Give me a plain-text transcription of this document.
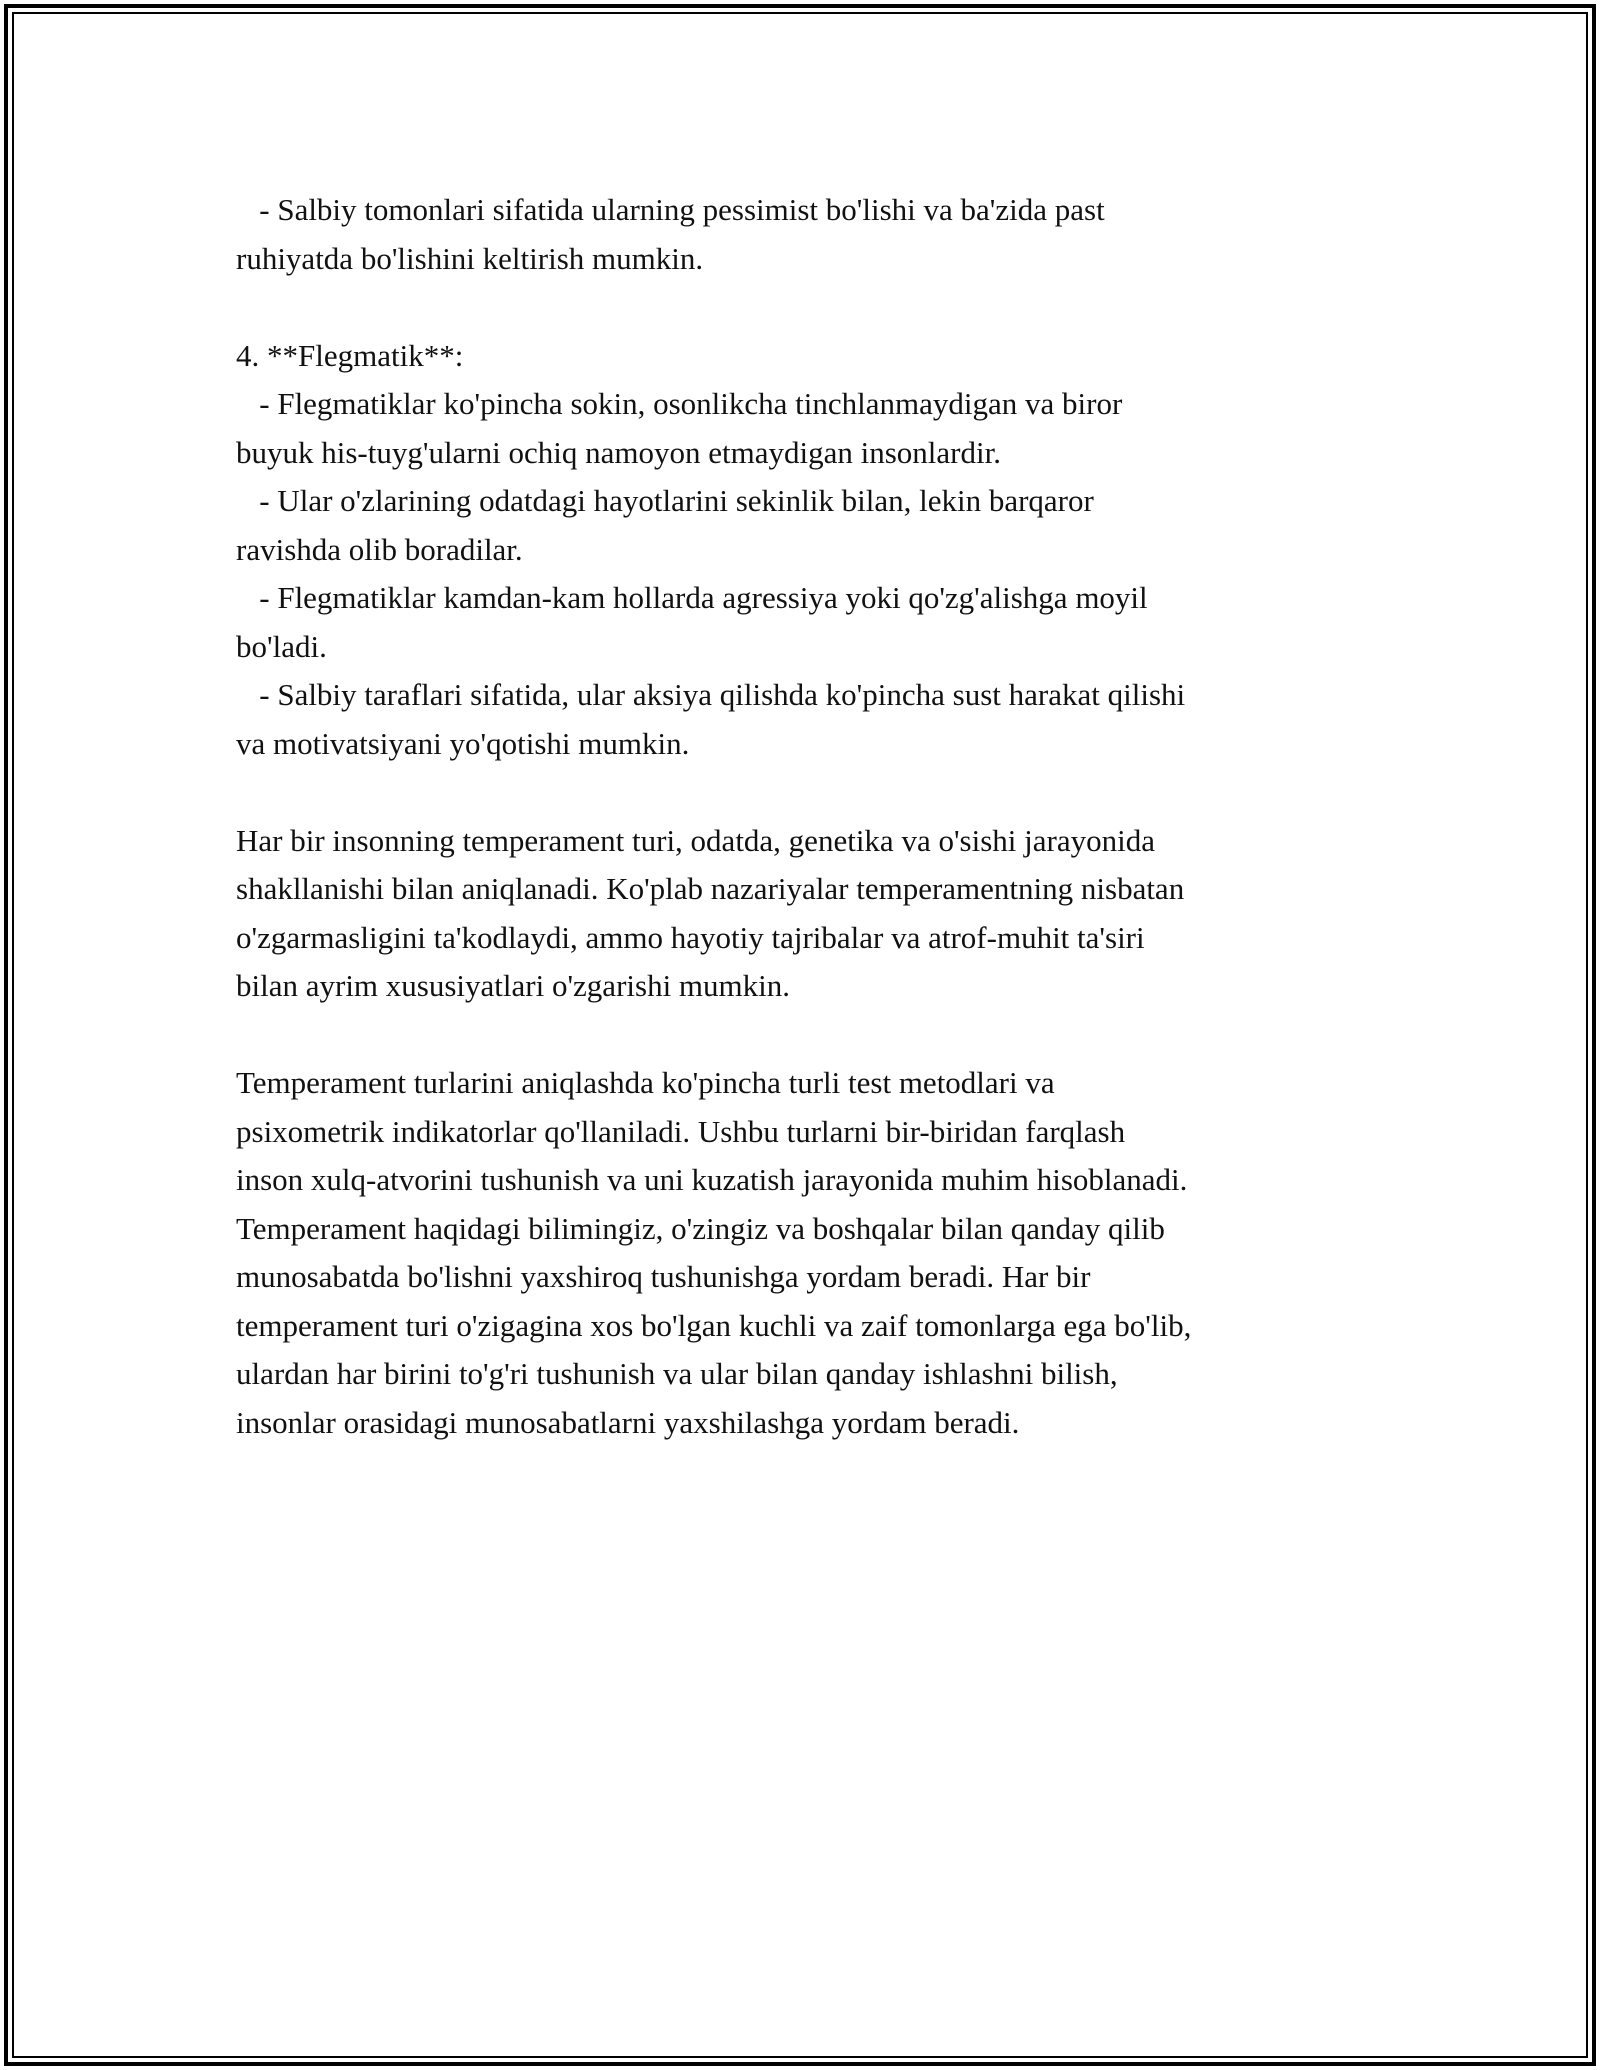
- Salbiy tomonlari sifatida ularning pessimist bo'lishi va ba'zida past
ruhiyatda bo'lishini keltirish mumkin.
4. **Flegmatik**:
- Flegmatiklar ko'pincha sokin, osonlikcha tinchlanmaydigan va biror
buyuk his-tuyg'ularni ochiq namoyon etmaydigan insonlardir.
- Ular o'zlarining odatdagi hayotlarini sekinlik bilan, lekin barqaror
ravishda olib boradilar.
- Flegmatiklar kamdan-kam hollarda agressiya yoki qo'zg'alishga moyil
bo'ladi.
- Salbiy taraflari sifatida, ular aksiya qilishda ko'pincha sust harakat qilishi
va motivatsiyani yo'qotishi mumkin.
Har bir insonning temperament turi, odatda, genetika va o'sishi jarayonida
shakllanishi bilan aniqlanadi. Ko'plab nazariyalar temperamentning nisbatan
o'zgarmasligini ta'kodlaydi, ammo hayotiy tajribalar va atrof-muhit ta'siri
bilan ayrim xususiyatlari o'zgarishi mumkin.
Temperament turlarini aniqlashda ko'pincha turli test metodlari va
psixometrik indikatorlar qo'llaniladi. Ushbu turlarni bir-biridan farqlash
inson xulq-atvorini tushunish va uni kuzatish jarayonida muhim hisoblanadi.
Temperament haqidagi bilimingiz, o'zingiz va boshqalar bilan qanday qilib
munosabatda bo'lishni yaxshiroq tushunishga yordam beradi. Har bir
temperament turi o'zigagina xos bo'lgan kuchli va zaif tomonlarga ega bo'lib,
ulardan har birini to'g'ri tushunish va ular bilan qanday ishlashni bilish,
insonlar orasidagi munosabatlarni yaxshilashga yordam beradi.
